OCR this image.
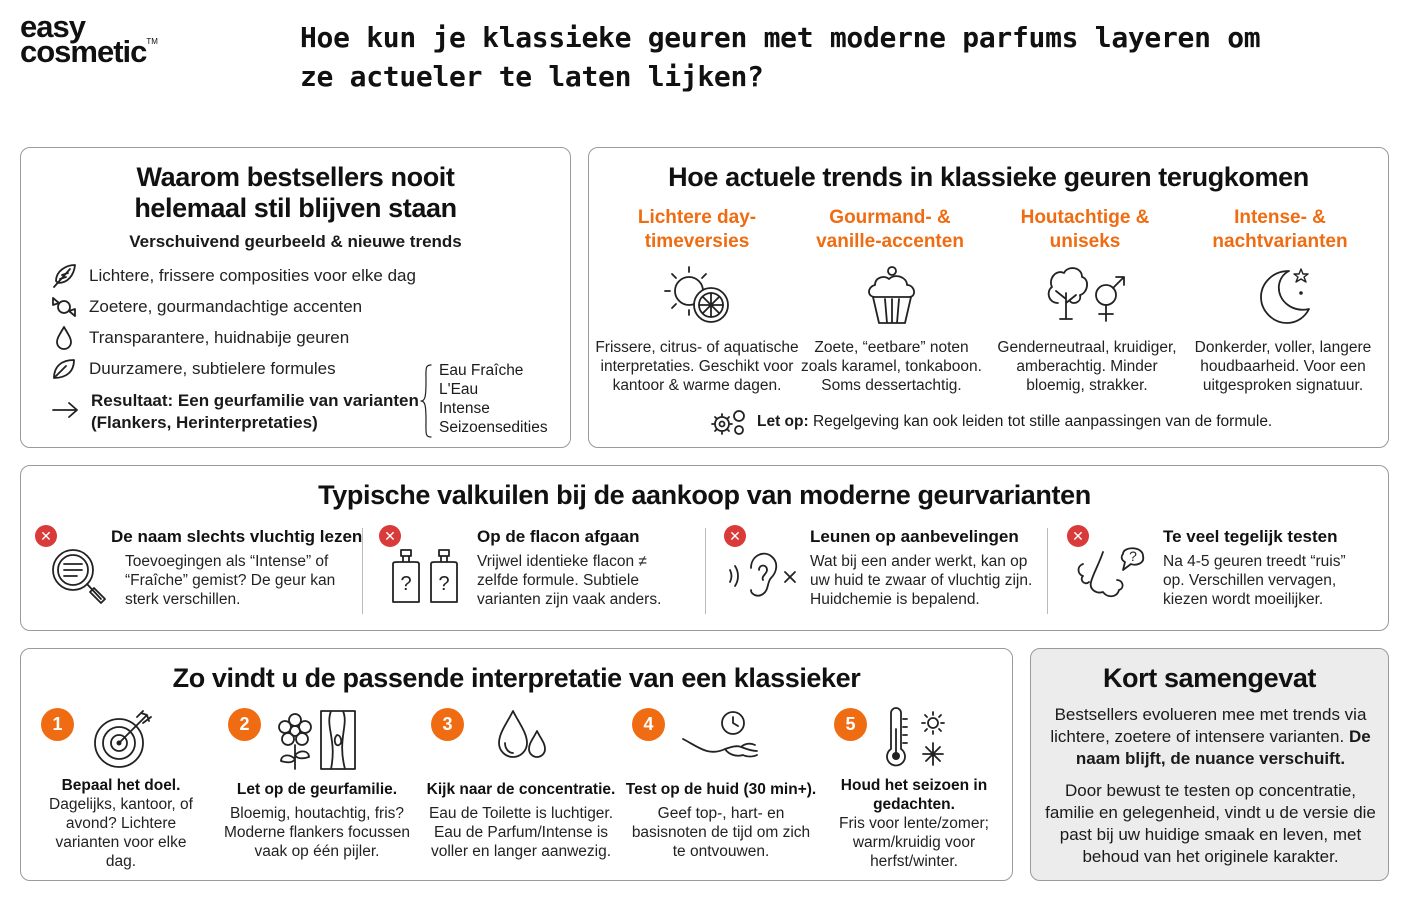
easy
cosmetic™	Hoe kun je klassieke geuren met moderne parfums layeren om ze actueler te laten lijken?
Waarom bestsellers nooit helemaal stil blijven staan
Verschuivend geurbeeld & nieuwe trends
Lichtere, frissere composities voor elke dag
Zoetere, gourmandachtige accenten
Transparantere, huidnabije geuren
Duurzamere, subtielere formules
Resultaat: Een geurfamilie van varianten (Flankers, Herinterpretaties)
Eau Fraîche
L'Eau
Intense
Seizoensedities
Hoe actuele trends in klassieke geuren terugkomen
Lichtere day-timeversies
Gourmand- & vanille-accenten
Houtachtige & uniseks
Intense- & nachtvarianten
Frissere, citrus- of aquatische interpretaties. Geschikt voor kantoor & warme dagen.
Zoete, “eetbare” noten zoals karamel, tonkaboon. Soms dessertachtig.
Genderneutraal, kruidiger, amberachtig. Minder bloemig, strakker.
Donkerder, voller, langere houdbaarheid. Voor een uitgesproken signatuur.
Let op: Regelgeving kan ook leiden tot stille aanpassingen van de formule.
Typische valkuilen bij de aankoop van moderne geurvarianten
✕	De naam slechts vluchtig lezen
Toevoegingen als “Intense” of “Fraîche” gemist? De geur kan sterk verschillen.
✕
? ?
Op de flacon afgaan
Vrijwel identieke flacon ≠ zelfde formule. Subtiele varianten zijn vaak anders.
✕	Leunen op aanbevelingen
Wat bij een ander werkt, kan op uw huid te zwaar of vluchtig zijn. Huidchemie is bepalend.
✕
?
Te veel tegelijk testen
Na 4-5 geuren treedt “ruis” op. Verschillen vervagen, kiezen wordt moeilijker.
Zo vindt u de passende interpretatie van een klassieker
1
Bepaal het doel.
Dagelijks, kantoor, of avond? Lichtere varianten voor elke dag.
2
Let op de geurfamilie.
Bloemig, houtachtig, fris? Moderne flankers focussen vaak op één pijler.
3
Kijk naar de concentratie.
Eau de Toilette is luchtiger. Eau de Parfum/Intense is voller en langer aanwezig.
4
Test op de huid (30 min+).
Geef top-, hart- en basisnoten de tijd om zich te ontvouwen.
5
Houd het seizoen in gedachten.
Fris voor lente/zomer; warm/kruidig voor herfst/winter.
Kort samengevat
Bestsellers evolueren mee met trends via lichtere, zoetere of intensere varianten. De naam blijft, de nuance verschuift.
Door bewust te testen op concentratie, familie en gelegenheid, vindt u de versie die past bij uw huidige smaak en leven, met behoud van het originele karakter.
